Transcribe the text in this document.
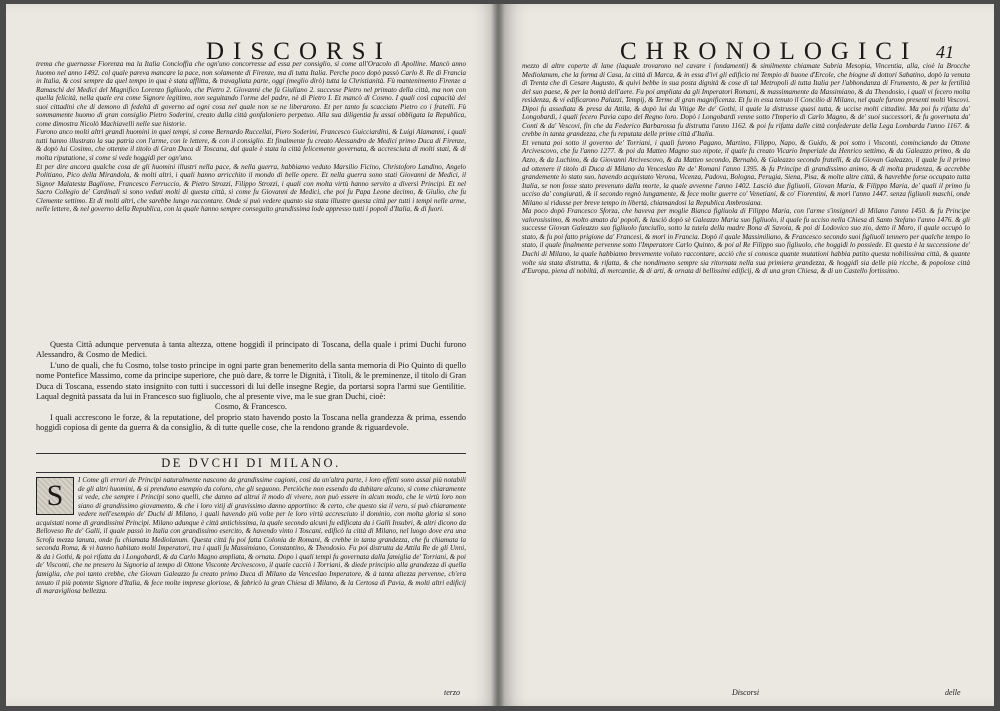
DISCORSI

trema che guernasse Fiorenza ma la Italia Concioffia che ogn'uno concorresse ad essa per consiglio, sì come all'Oracolo di Apolline. Mancò anno huomo nel anno 1492. col quale pareva mancare la pace, non solamente di Firenze, ma di tutta Italia. Perche poco dopò passò Carlo 8. Re di Francia in Italia, & cosi sempre da quel tempo in qua è stata afflitta, & travagliata parte, oggi (meglio dirò) tutta la Christianità. Fù mantenimento Firenze a Ramaschi dei Medici del Magnifico Lorenzo figliuolo, che Pietro 2. Giovanni che fù Giuliano 2. successe Pietro nel primato della città, ma non con quella felicità, nella quale era come Signore legitimo, non seguitando l'orme del padre, nè di Pietro I. Et mancò di Cosmo. I quali così capacità dei suoi cittadini che di demono di fedeltà di governo ad ogni cosa nel quale non se ne liberarono. Et per tanto fu scacciato Pietro co i fratelli. Fù sommamente huomo di gran consiglio Pietro Soderini, creato dalla città gonfaloniero perpetuo. Alla sua diligentia fu assai obbligata la Republica, come dimostra Nicolò Machiavelli nelle sue historie.

Furono anco molti altri grandi huomini in quei tempi, sì come Bernardo Ruccellai, Piero Soderini, Francesco Guicciardini, & Luigi Alamanni, i quali tutti hanno illustrato la sua patria con l'arme, con le lettere, & con il consiglio. Et finalmente fu creato Alessandro de Medici primo Duca di Firenze, & dopò lui Cosimo, che ottenne il titolo di Gran Duca di Toscana, dal quale è stata la città felicemente governata, & accresciuta di molti stati, & di molta riputatione, sì come si vede hoggidì per ogn'uno.

Et per dire ancora qualche cosa de gli huomini illustri nella pace, & nella guerra, habbiamo veduto Marsilio Ficino, Christoforo Landino, Angelo Politiano, Pico della Mirandola, & molti altri, i quali hanno arricchito il mondo di belle opere. Et nella guerra sono stati Giovanni de Medici, il Signor Malatesta Baglione, Francesco Ferruccio, & Pietro Strozzi, Filippo Strozzi, i quali con molta virtù hanno servito a diversi Principi. Et nel Sacro Collegio de' Cardinali si sono veduti molti di questa città, sì come fu Giovanni de Medici, che poi fu Papa Leone decimo, & Giulio, che fu Clemente settimo. Et di molti altri, che sarebbe lungo raccontare. Onde si può vedere quanto sia stata illustre questa città per tutti i tempi nelle arme, nelle lettere, & nel governo della Republica, con la quale hanno sempre conseguito grandissima lode appresso tutti i popoli d'Italia, & di fuori.

Questa Città adunque pervenuta à tanta altezza, ottene hoggidì il principato di Toscana, della quale i primi Duchi furono Alessandro, & Cosmo de Medici.

L'uno de quali, che fu Cosmo, tolse tosto principe in ogni parte gran benemerito della santa memoria di Pio Quinto di quello nome Pontefice Massimo, come da principe superiore, che può dare, & torre le Dignità, i Titoli, & le preminenze, il titolo di Gran Duca di Toscana, essendo stato insignito con tutti i successori di lui delle insegne Regie, da portarsi sopra l'armi sue Gentilitie. Laqual degnità passata da lui in Francesco suo figliuolo, che al presente vive, ma le sue gran Duchi, cioè:

Cosmo, & Francesco.

I quali accrescono le forze, & la reputatione, del proprio stato havendo posto la Toscana nella grandezza & prima, essendo hoggidì copiosa di gente da guerra & da consiglio, & di tutte quelle cose, che la rendono grande & riguardevole.

DE DVCHI DI MILANO.
S	I Come gli errori de Principi naturalmente nascono da grandissime cagioni, così da un'altra parte, i loro effetti sono assai più notabili de gli altri huomini, & si prendono esempio da coloro, che gli seguono. Perciòche non essendo da dubitare alcuno, sì come chiaramente si vede, che sempre i Principi sono quelli, che danno ad altrui il modo di vivere, non può essere in alcun modo, che le virtù loro non siano di grandissimo giovamento, & che i loro vitij di gravissimo danno apportino: & certo, che questo sia il vero, si può chiaramente vedere nell'esempio de' Duchi di Milano, i quali havendo più volte per le loro virtù accresciuto il dominio, con molta gloria si sono acquistati nome di grandissimi Principi. Milano adunque è città antichissima, la quale secondo alcuni fu edificata da i Galli Insubri, & altri dicono da Belloveso Re de' Galli, il quale passò in Italia con grandissimo esercito, & havendo vinto i Toscani, edificò la città di Milano, nel luogo dove era una Scrofa mezza lanuta, onde fu chiamata Mediolanum. Questa città fu poi fatta Colonia de Romani, & crebbe in tanta grandezza, che fu chiamata la seconda Roma, & vi hanno habitato molti Imperatori, tra i quali fu Massimiano, Constantino, & Theodosio. Fu poi distrutta da Attila Re de gli Unni, & da i Gothi, & poi rifatta da i Longobardi, & da Carlo Magno ampliata, & ornata. Dopo i quali tempi fu governata dalla famiglia de' Torriani, & poi de' Visconti, che ne presero la Signoria al tempo di Ottone Visconte Arcivescovo, il quale cacciò i Torriani, & diede principio alla grandezza di quella famiglia, che poi tanto crebbe, che Giovan Galeazzo fu creato primo Duca di Milano da Venceslao Imperatore, & à tanta altezza pervenne, ch'era tenuto il più potente Signore d'Italia, & fece molte imprese gloriose, & fabricò la gran Chiesa di Milano, & la Certosa di Pavia, & molti altri edificij di maravigliosa bellezza.

terzo
CHRONOLOGICI 41

mezzo di altre coperte di lane (laquale trovarono nel cavare i fondamenti) & similmente chiamate Subria Mesopia, Vincentia, alla, cioè la Brocche Mediolanum, che la forma di Casa, la città di Marca, & in essa d'ivi gli edificio mi Tempio di buone d'Ercole, che biogne di dottori Sabatino, dopò la venuta di Trenta che di Cesare Augusto, & quivi bebbe in sua posta dignità & cose di tal Metropoli di tutta Italia per l'abbondanza di Frumento, & per la fertilità del suo paese, & per la bontà dell'aere. Fu poi ampliata da gli Imperatori Romani, & massimamente da Massimiano, & da Theodosio, i quali vi fecero molta residenza, & vi edificarono Palazzi, Tempij, & Terme di gran magnificenza. Et fu in essa tenuto il Concilio di Milano, nel quale furono presenti molti Vescovi. Dipoi fu assediata & presa da Attila, & dopò lui da Vitige Re de' Gothi, il quale la distrusse quasi tutta, & uccise molti cittadini. Ma poi fu rifatta da' Longobardi, i quali fecero Pavia capo del Regno loro. Dopò i Longobardi venne sotto l'Imperio di Carlo Magno, & de' suoi successori, & fu governata da' Conti & da' Vescovi, fin che da Federico Barbarossa fu distrutta l'anno 1162. & poi fu rifatta dalle città confederate della Lega Lombarda l'anno 1167. & crebbe in tanta grandezza, che fu reputata delle prime città d'Italia.

Et venuta poi sotto il governo de' Torriani, i quali furono Pagano, Martino, Filippo, Napo, & Guido, & poi sotto i Visconti, cominciando da Ottone Arcivescovo, che fu l'anno 1277. & poi da Matteo Magno suo nipote, il quale fu creato Vicario Imperiale da Henrico settimo, & da Galeazzo primo, & da Azzo, & da Luchino, & da Giovanni Arcivescovo, & da Matteo secondo, Bernabò, & Galeazzo secondo fratelli, & da Giovan Galeazzo, il quale fu il primo ad ottenere il titolo di Duca di Milano da Venceslao Re de' Romani l'anno 1395. & fu Principe di grandissimo animo, & di molta prudenza, & accrebbe grandemente lo stato suo, havendo acquistato Verona, Vicenza, Padova, Bologna, Perugia, Siena, Pisa, & molte altre città, & havrebbe forse occupato tutta Italia, se non fosse stato prevenuto dalla morte, la quale avvenne l'anno 1402. Lasciò due figliuoli, Giovan Maria, & Filippo Maria, de' quali il primo fu ucciso da' congiurati, & il secondo regnò lungamente, & fece molte guerre co' Venetiani, & co' Fiorentini, & morì l'anno 1447. senza figliuoli maschi, onde Milano si ridusse per breve tempo in libertà, chiamandosi la Republica Ambrosiana.

Ma poco dopò Francesco Sforza, che haveva per moglie Bianca figliuola di Filippo Maria, con l'arme s'insignorì di Milano l'anno 1450. & fu Principe valorosissimo, & molto amato da' popoli, & lasciò dopò sè Galeazzo Maria suo figliuolo, il quale fu ucciso nella Chiesa di Santo Stefano l'anno 1476. & gli successe Giovan Galeazzo suo figliuolo fanciullo, sotto la tutela della madre Bona di Savoia, & poi di Lodovico suo zio, detto il Moro, il quale occupò lo stato, & fu poi fatto prigione da' Francesi, & morì in Francia. Dopò il quale Massimiliano, & Francesco secondo suoi figliuoli tennero per qualche tempo lo stato, il quale finalmente pervenne sotto l'Imperatore Carlo Quinto, & poi al Re Filippo suo figliuolo, che hoggidì lo possiede. Et questa è la successione de' Duchi di Milano, la quale habbiamo brevemente voluto raccontare, acciò che si conosca quante mutationi habbia patito questa nobilissima città, & quante volte sia stata distrutta, & rifatta, & che nondimeno sempre sia ritornata nella sua primiera grandezza, & hoggidì sia delle più ricche, & popolose città d'Europa, piena di nobiltà, di mercantie, & di arti, & ornata di bellissimi edificij, & di una gran Chiesa, & di un Castello fortissimo.

Discorsi	delle
